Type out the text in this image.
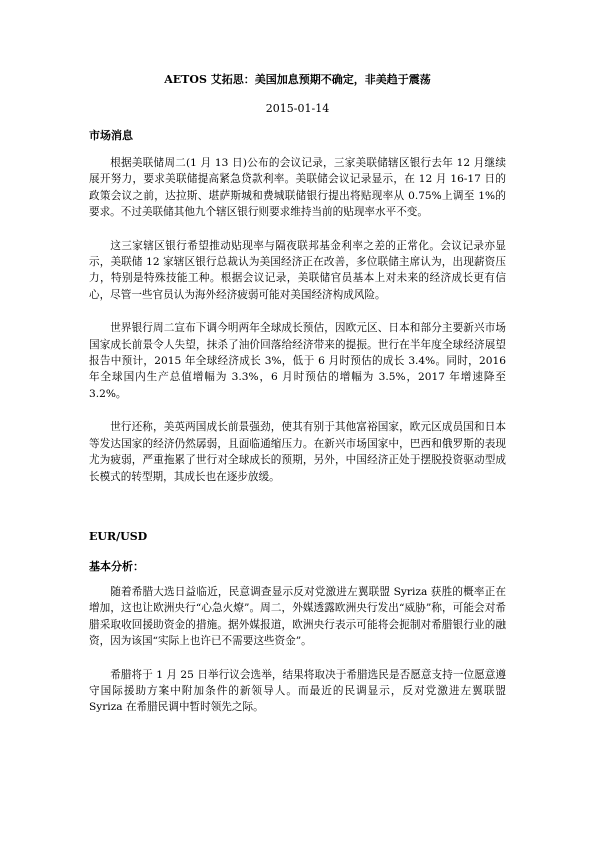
AETOS 艾拓思：美国加息预期不确定，非美趋于震荡
2015-01-14
市场消息

根据美联储周二(1 月 13 日)公布的会议记录，三家美联储辖区银行去年 12 月继续展开努力，要求美联储提高紧急贷款利率。美联储会议记录显示，在 12 月 16-17 日的政策会议之前，达拉斯、堪萨斯城和费城联储银行提出将贴现率从 0.75%上调至 1%的要求。不过美联储其他九个辖区银行则要求维持当前的贴现率水平不变。

这三家辖区银行希望推动贴现率与隔夜联邦基金利率之差的正常化。会议记录亦显示，美联储 12 家辖区银行总裁认为美国经济正在改善，多位联储主席认为，出现薪资压力，特别是特殊技能工种。根据会议记录，美联储官员基本上对未来的经济成长更有信心，尽管一些官员认为海外经济疲弱可能对美国经济构成风险。

世界银行周二宣布下调今明两年全球成长预估，因欧元区、日本和部分主要新兴市场国家成长前景令人失望，抹杀了油价回落给经济带来的提振。世行在半年度全球经济展望报告中预计，2015 年全球经济成长 3%，低于 6 月时预估的成长 3.4%。同时，2016 年全球国内生产总值增幅为 3.3%，6 月时预估的增幅为 3.5%，2017 年增速降至 3.2%。

世行还称，美英两国成长前景强劲，使其有别于其他富裕国家，欧元区成员国和日本等发达国家的经济仍然孱弱，且面临通缩压力。在新兴市场国家中，巴西和俄罗斯的表现尤为疲弱，严重拖累了世行对全球成长的预期，另外，中国经济正处于摆脱投资驱动型成长模式的转型期，其成长也在逐步放缓。

EUR/USD
基本分析：

随着希腊大选日益临近，民意调查显示反对党激进左翼联盟 Syriza 获胜的概率正在增加，这也让欧洲央行“心急火燎”。周二，外媒透露欧洲央行发出“威胁”称，可能会对希腊采取收回援助资金的措施。据外媒报道，欧洲央行表示可能将会扼制对希腊银行业的融资，因为该国“实际上也许已不需要这些资金”。

希腊将于 1 月 25 日举行议会选举，结果将取决于希腊选民是否愿意支持一位愿意遵守国际援助方案中附加条件的新领导人。而最近的民调显示，反对党激进左翼联盟 Syriza 在希腊民调中暂时领先之际。
